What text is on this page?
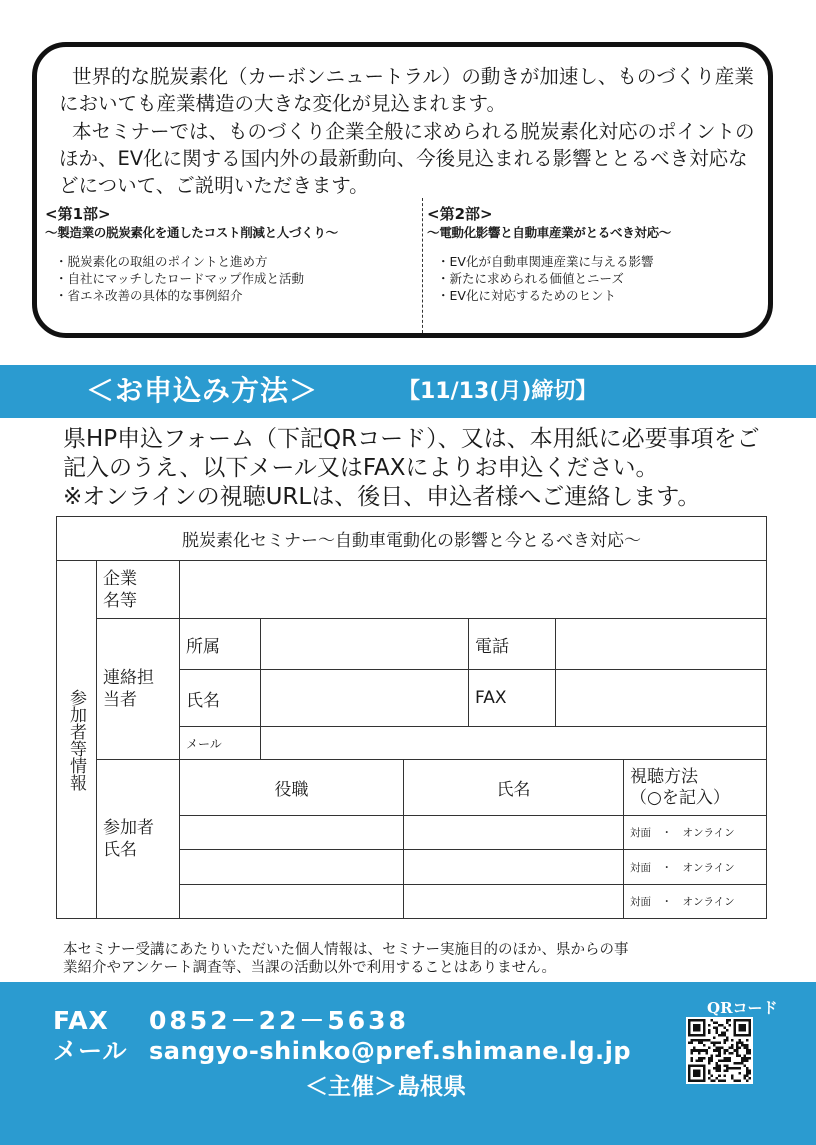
世界的な脱炭素化（カーボンニュートラル）の動きが加速し、ものづくり産業においても産業構造の大きな変化が見込まれます。

本セミナーでは、ものづくり企業全般に求められる脱炭素化対応のポイントのほか、EV化に関する国内外の最新動向、今後見込まれる影響ととるべき対応などについて、ご説明いただきます。

<第1部>
～製造業の脱炭素化を通したコスト削減と人づくり～
・脱炭素化の取組のポイントと進め方
・自社にマッチしたロードマップ作成と活動
・省エネ改善の具体的な事例紹介
<第2部>
～電動化影響と自動車産業がとるべき対応～
・EV化が自動車関連産業に与える影響
・新たに求められる価値とニーズ
・EV化に対応するためのヒント
＜お申込み方法＞	【11/13(月)締切】
県HP申込フォーム（下記QRコード）、又は、本用紙に必要事項をご
記入のうえ、以下メール又はFAXによりお申込ください。
※オンラインの視聴URLは、後日、申込者様へご連絡します。
脱炭素化セミナー～自動車電動化の影響と今とるべき対応～							

参加者等情報	企業名等						
	連絡担当者	所属			電話		
		氏名			FAX		
		メール					
	参加者氏名	役職		氏名			視聴方法
（○を記入）

							対面　・　オンライン
							対面　・　オンライン
							対面　・　オンライン
本セミナー受講にあたりいただいた個人情報は、セミナー実施目的のほか、県からの事
業紹介やアンケート調査等、当課の活動以外で利用することはありません。
FAX 0852－22－5638
メール sangyo-shinko@pref.shimane.lg.jp
＜主催＞島根県
QRコード
